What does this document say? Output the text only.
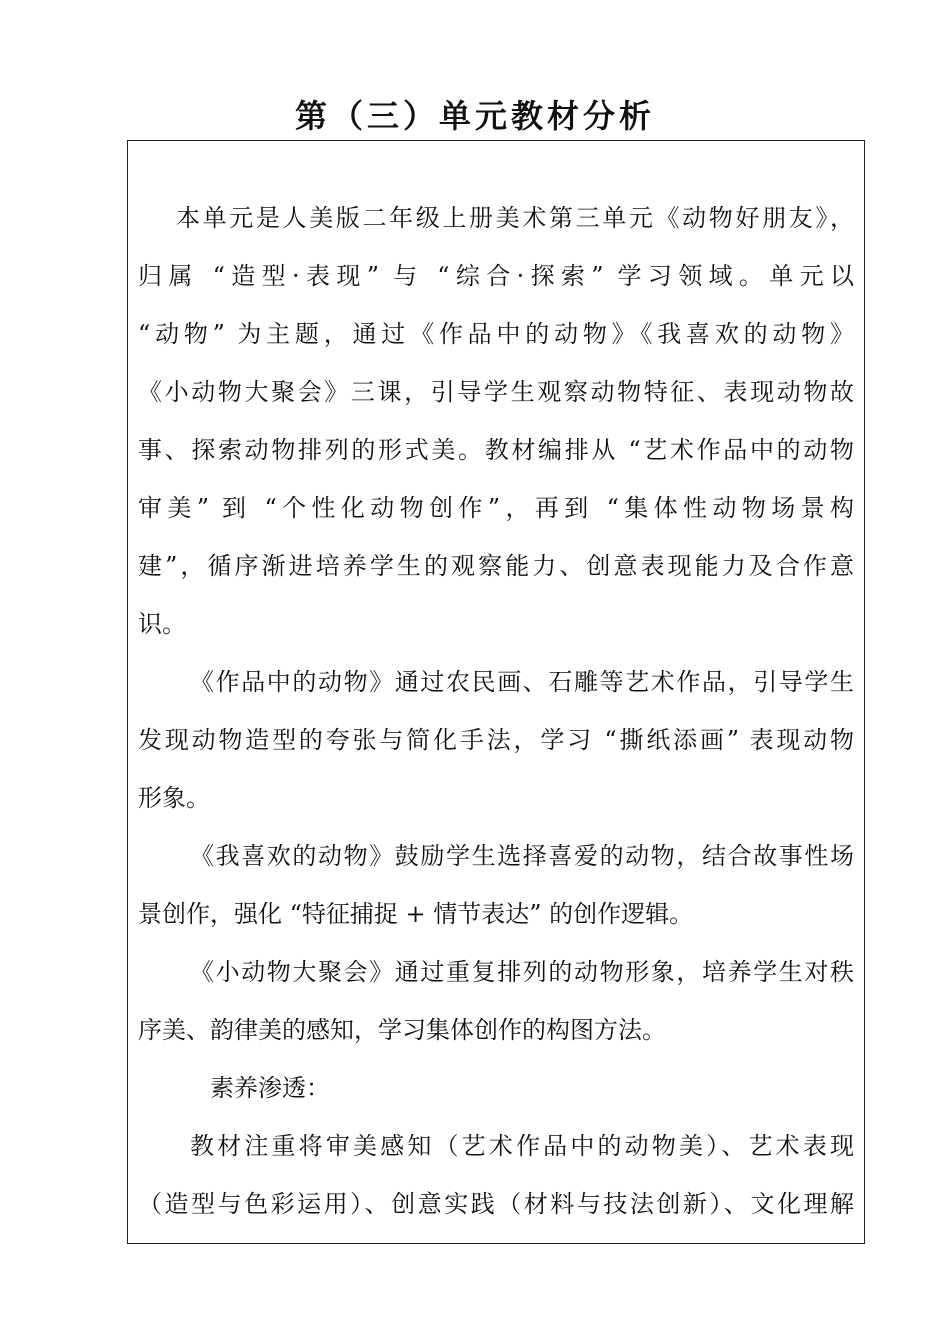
第（三）单元教材分析
本单元是人美版二年级上册美术第三单元《动物好朋友》，
归属 “造型·表现” 与 “综合·探索” 学习领域。单元以
“动物” 为主题，通过《作品中的动物》《我喜欢的动物》
《小动物大聚会》三课，引导学生观察动物特征、表现动物故
事、探索动物排列的形式美。教材编排从 “艺术作品中的动物
审美” 到 “个性化动物创作”，再到 “集体性动物场景构
建”，循序渐进培养学生的观察能力、创意表现能力及合作意
识。
《作品中的动物》通过农民画、石雕等艺术作品，引导学生
发现动物造型的夸张与简化手法，学习 “撕纸添画” 表现动物
形象。
《我喜欢的动物》鼓励学生选择喜爱的动物，结合故事性场
景创作，强化 “特征捕捉 + 情节表达” 的创作逻辑。
《小动物大聚会》通过重复排列的动物形象，培养学生对秩
序美、韵律美的感知，学习集体创作的构图方法。
素养渗透：
教材注重将审美感知（艺术作品中的动物美）、艺术表现
（造型与色彩运用）、创意实践（材料与技法创新）、文化理解
